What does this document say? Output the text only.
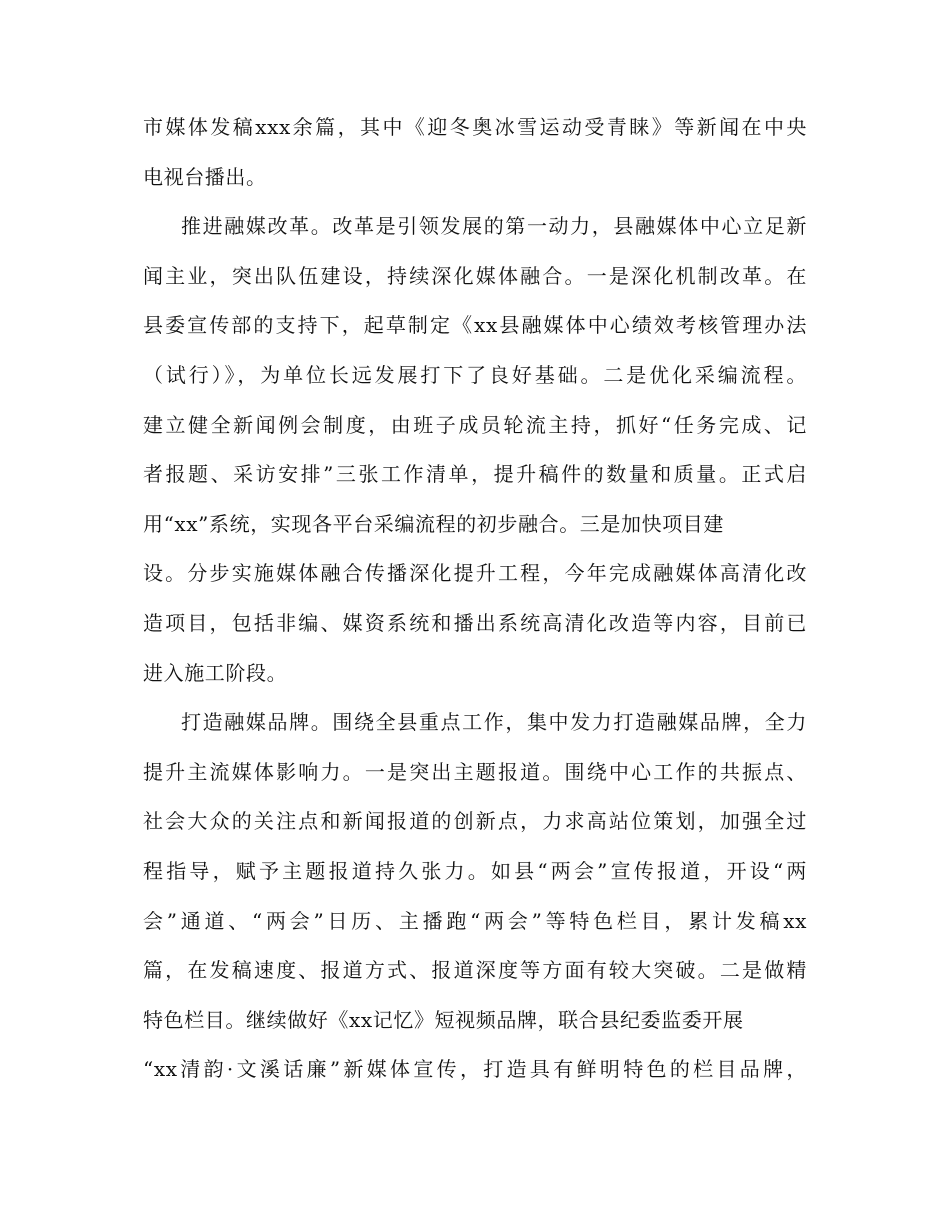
市媒体发稿xxx余篇，其中《迎冬奥冰雪运动受青睐》等新闻在中央
电视台播出。
推进融媒改革。改革是引领发展的第一动力，县融媒体中心立足新
闻主业，突出队伍建设，持续深化媒体融合。一是深化机制改革。在
县委宣传部的支持下，起草制定《xx县融媒体中心绩效考核管理办法
（试行）》，为单位长远发展打下了良好基础。二是优化采编流程。
建立健全新闻例会制度，由班子成员轮流主持，抓好“任务完成、记
者报题、采访安排”三张工作清单，提升稿件的数量和质量。正式启
用“xx”系统，实现各平台采编流程的初步融合。三是加快项目建
设。分步实施媒体融合传播深化提升工程，今年完成融媒体高清化改
造项目，包括非编、媒资系统和播出系统高清化改造等内容，目前已
进入施工阶段。
打造融媒品牌。围绕全县重点工作，集中发力打造融媒品牌，全力
提升主流媒体影响力。一是突出主题报道。围绕中心工作的共振点、
社会大众的关注点和新闻报道的创新点，力求高站位策划，加强全过
程指导，赋予主题报道持久张力。如县“两会”宣传报道，开设“两
会”通道、“两会”日历、主播跑“两会”等特色栏目，累计发稿xx
篇，在发稿速度、报道方式、报道深度等方面有较大突破。二是做精
特色栏目。继续做好《xx记忆》短视频品牌，联合县纪委监委开展
“xx清韵·文溪话廉”新媒体宣传，打造具有鲜明特色的栏目品牌，
